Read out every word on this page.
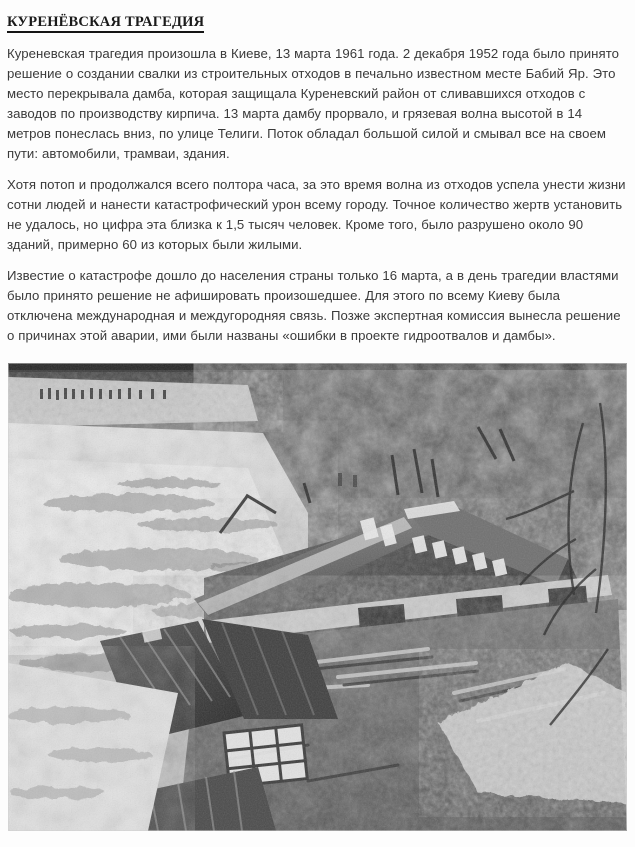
КУРЕНЁВСКАЯ ТРАГЕДИЯ

Куреневская трагедия произошла в Киеве, 13 марта 1961 года. 2 декабря 1952 года было принято решение о создании свалки из строительных отходов в печально известном месте Бабий Яр. Это место перекрывала дамба, которая защищала Куреневский район от сливавшихся отходов с заводов по производству кирпича. 13 марта дамбу прорвало, и грязевая волна высотой в 14 метров понеслась вниз, по улице Телиги. Поток обладал большой силой и смывал все на своем пути: автомобили, трамваи, здания.

Хотя потоп и продолжался всего полтора часа, за это время волна из отходов успела унести жизни сотни людей и нанести катастрофический урон всему городу. Точное количество жертв установить не удалось, но цифра эта близка к 1,5 тысяч человек. Кроме того, было разрушено около 90 зданий, примерно 60 из которых были жилыми.

Известие о катастрофе дошло до населения страны только 16 марта, а в день трагедии властями было принято решение не афишировать произошедшее. Для этого по всему Киеву была отключена международная и междугородняя связь. Позже экспертная комиссия вынесла решение о причинах этой аварии, ими были названы «ошибки в проекте гидроотвалов и дамбы».
